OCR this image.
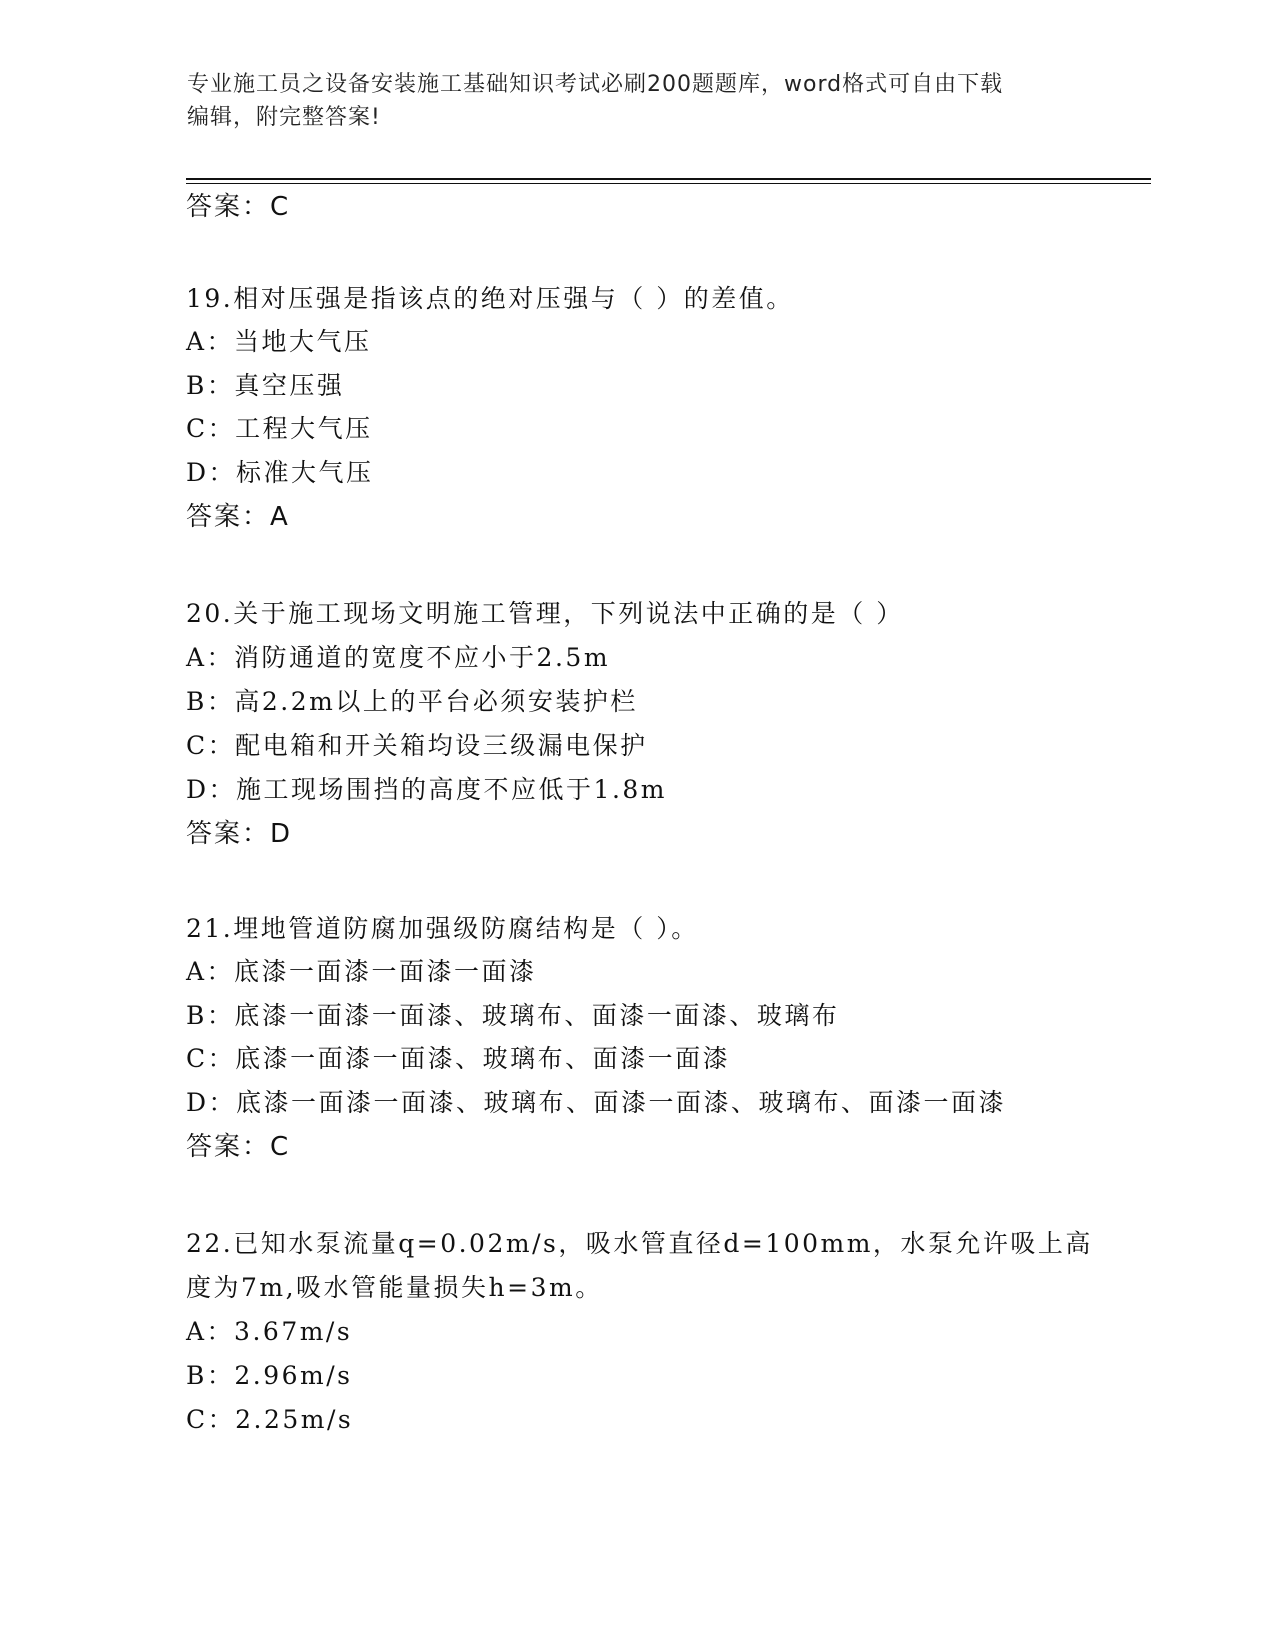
专业施工员之设备安装施工基础知识考试必刷200题题库，word格式可自由下载
编辑，附完整答案!
答案：C
19.相对压强是指该点的绝对压强与（ ）的差值。
A：当地大气压
B：真空压强
C：工程大气压
D：标准大气压
答案：A
20.关于施工现场文明施工管理，下列说法中正确的是（ ）
A：消防通道的宽度不应小于2.5m
B：高2.2m以上的平台必须安装护栏
C：配电箱和开关箱均设三级漏电保护
D：施工现场围挡的高度不应低于1.8m
答案：D
21.埋地管道防腐加强级防腐结构是（ ）。
A：底漆一面漆一面漆一面漆
B：底漆一面漆一面漆、玻璃布、面漆一面漆、玻璃布
C：底漆一面漆一面漆、玻璃布、面漆一面漆
D：底漆一面漆一面漆、玻璃布、面漆一面漆、玻璃布、面漆一面漆
答案：C
22.已知水泵流量q=0.02m/s，吸水管直径d=100mm，水泵允许吸上高
度为7m,吸水管能量损失h=3m。
A：3.67m/s
B：2.96m/s
C：2.25m/s
